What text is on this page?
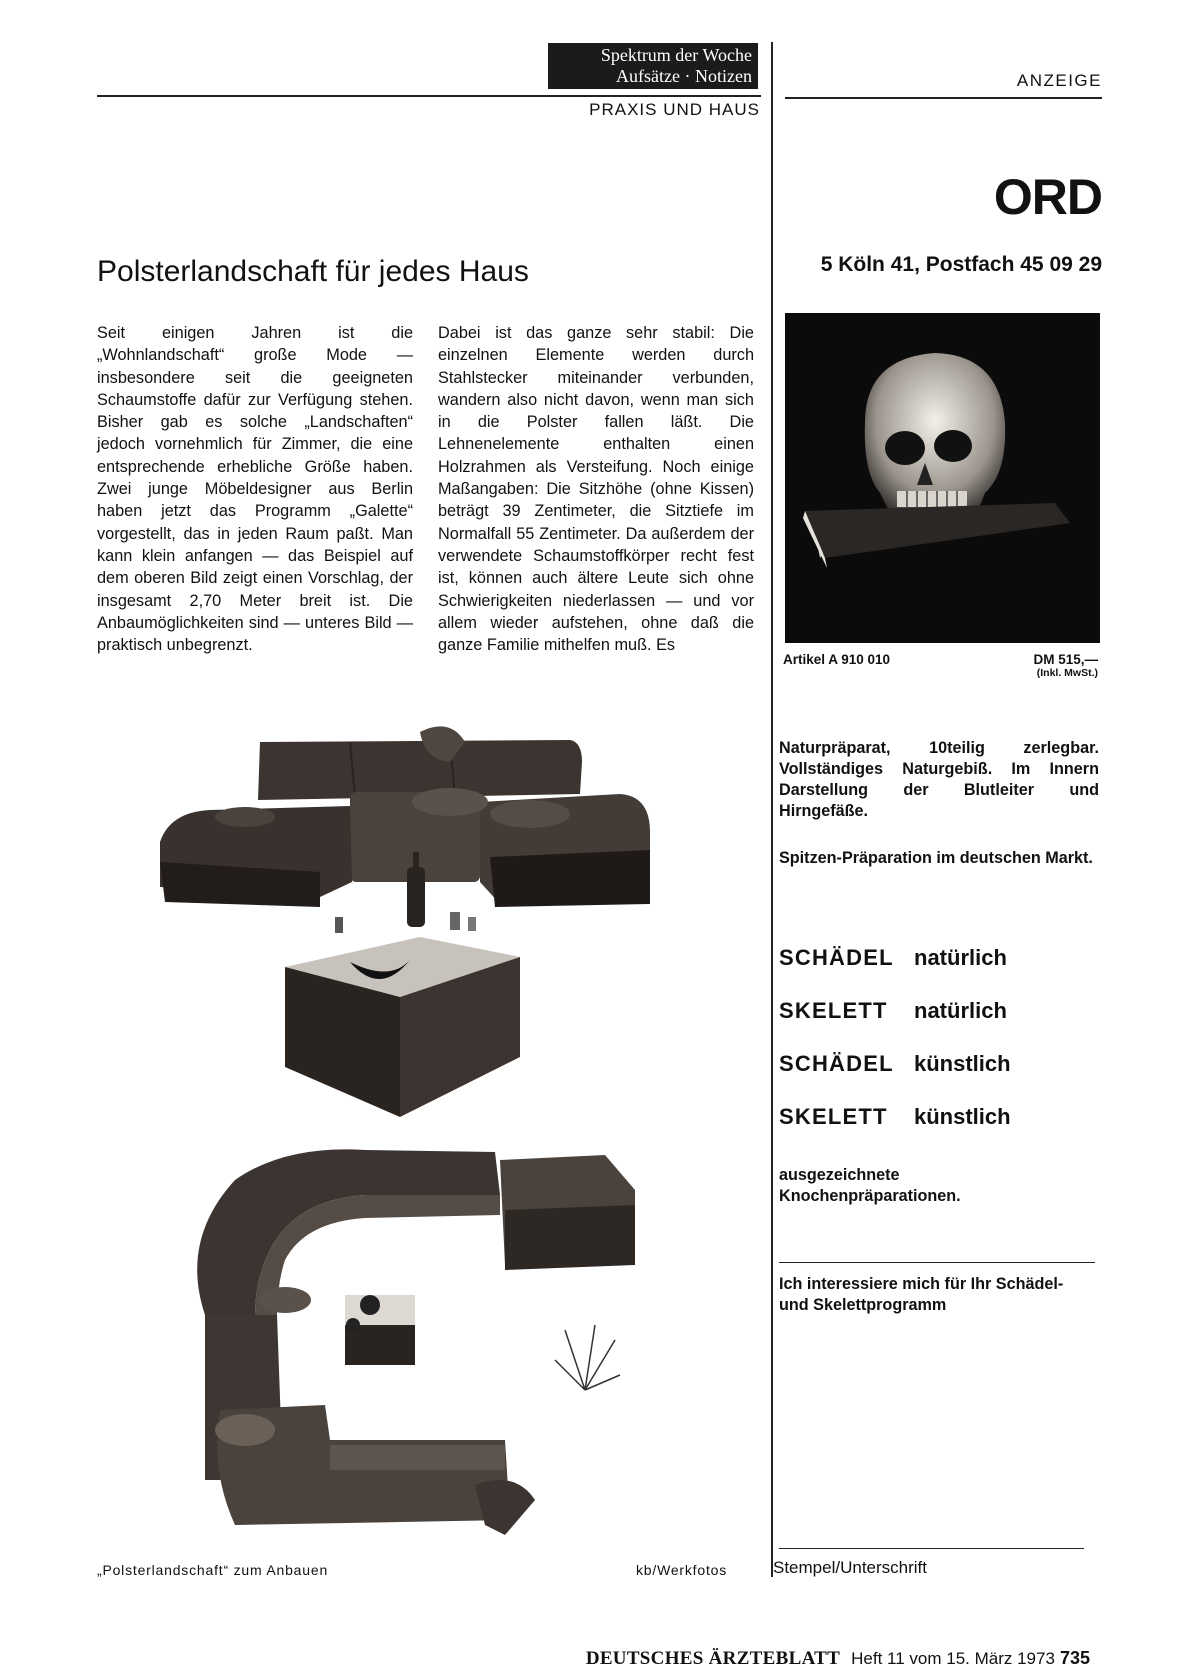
Spektrum der Woche
Aufsätze · Notizen
PRAXIS UND HAUS
ANZEIGE
ORD
5 Köln 41, Postfach 45 09 29
Polsterlandschaft für jedes Haus

Seit einigen Jahren ist die „Wohnlandschaft“ große Mode — insbesondere seit die geeigneten Schaumstoffe dafür zur Verfügung stehen. Bisher gab es solche „Landschaften“ jedoch vornehmlich für Zimmer, die eine entsprechende erhebliche Größe haben. Zwei junge Möbeldesigner aus Berlin haben jetzt das Programm „Galette“ vorgestellt, das in jeden Raum paßt. Man kann klein anfangen — das Beispiel auf dem oberen Bild zeigt einen Vorschlag, der insgesamt 2,70 Meter breit ist. Die Anbaumöglichkeiten sind — unteres Bild — praktisch unbegrenzt.

Dabei ist das ganze sehr stabil: Die einzelnen Elemente werden durch Stahlstecker miteinander verbunden, wandern also nicht davon, wenn man sich in die Polster fallen läßt. Die Lehnenelemente enthalten einen Holzrahmen als Versteifung. Noch einige Maßangaben: Die Sitzhöhe (ohne Kissen) beträgt 39 Zentimeter, die Sitztiefe im Normalfall 55 Zentimeter. Da außerdem der verwendete Schaumstoffkörper recht fest ist, können auch ältere Leute sich ohne Schwierigkeiten niederlassen — und vor allem wieder aufstehen, ohne daß die ganze Familie mithelfen muß. Es

„Polsterlandschaft“ zum Anbauen	kb/Werkfotos
Artikel A 910 010	DM 515,—
(Inkl. MwSt.)
Naturpräparat, 10teilig zerlegbar. Vollständiges Naturgebiß. Im Innern Darstellung der Blutleiter und Hirngefäße.
Spitzen-Präparation im deutschen Markt.
SCHÄDEL natürlich
SKELETT natürlich
SCHÄDEL künstlich
SKELETT künstlich
ausgezeichnete Knochenpräparationen.
Ich interessiere mich für Ihr Schädel- und Skelettprogramm
Stempel/Unterschrift
DEUTSCHES ÄRZTEBLATT Heft 11 vom 15. März 1973 735
